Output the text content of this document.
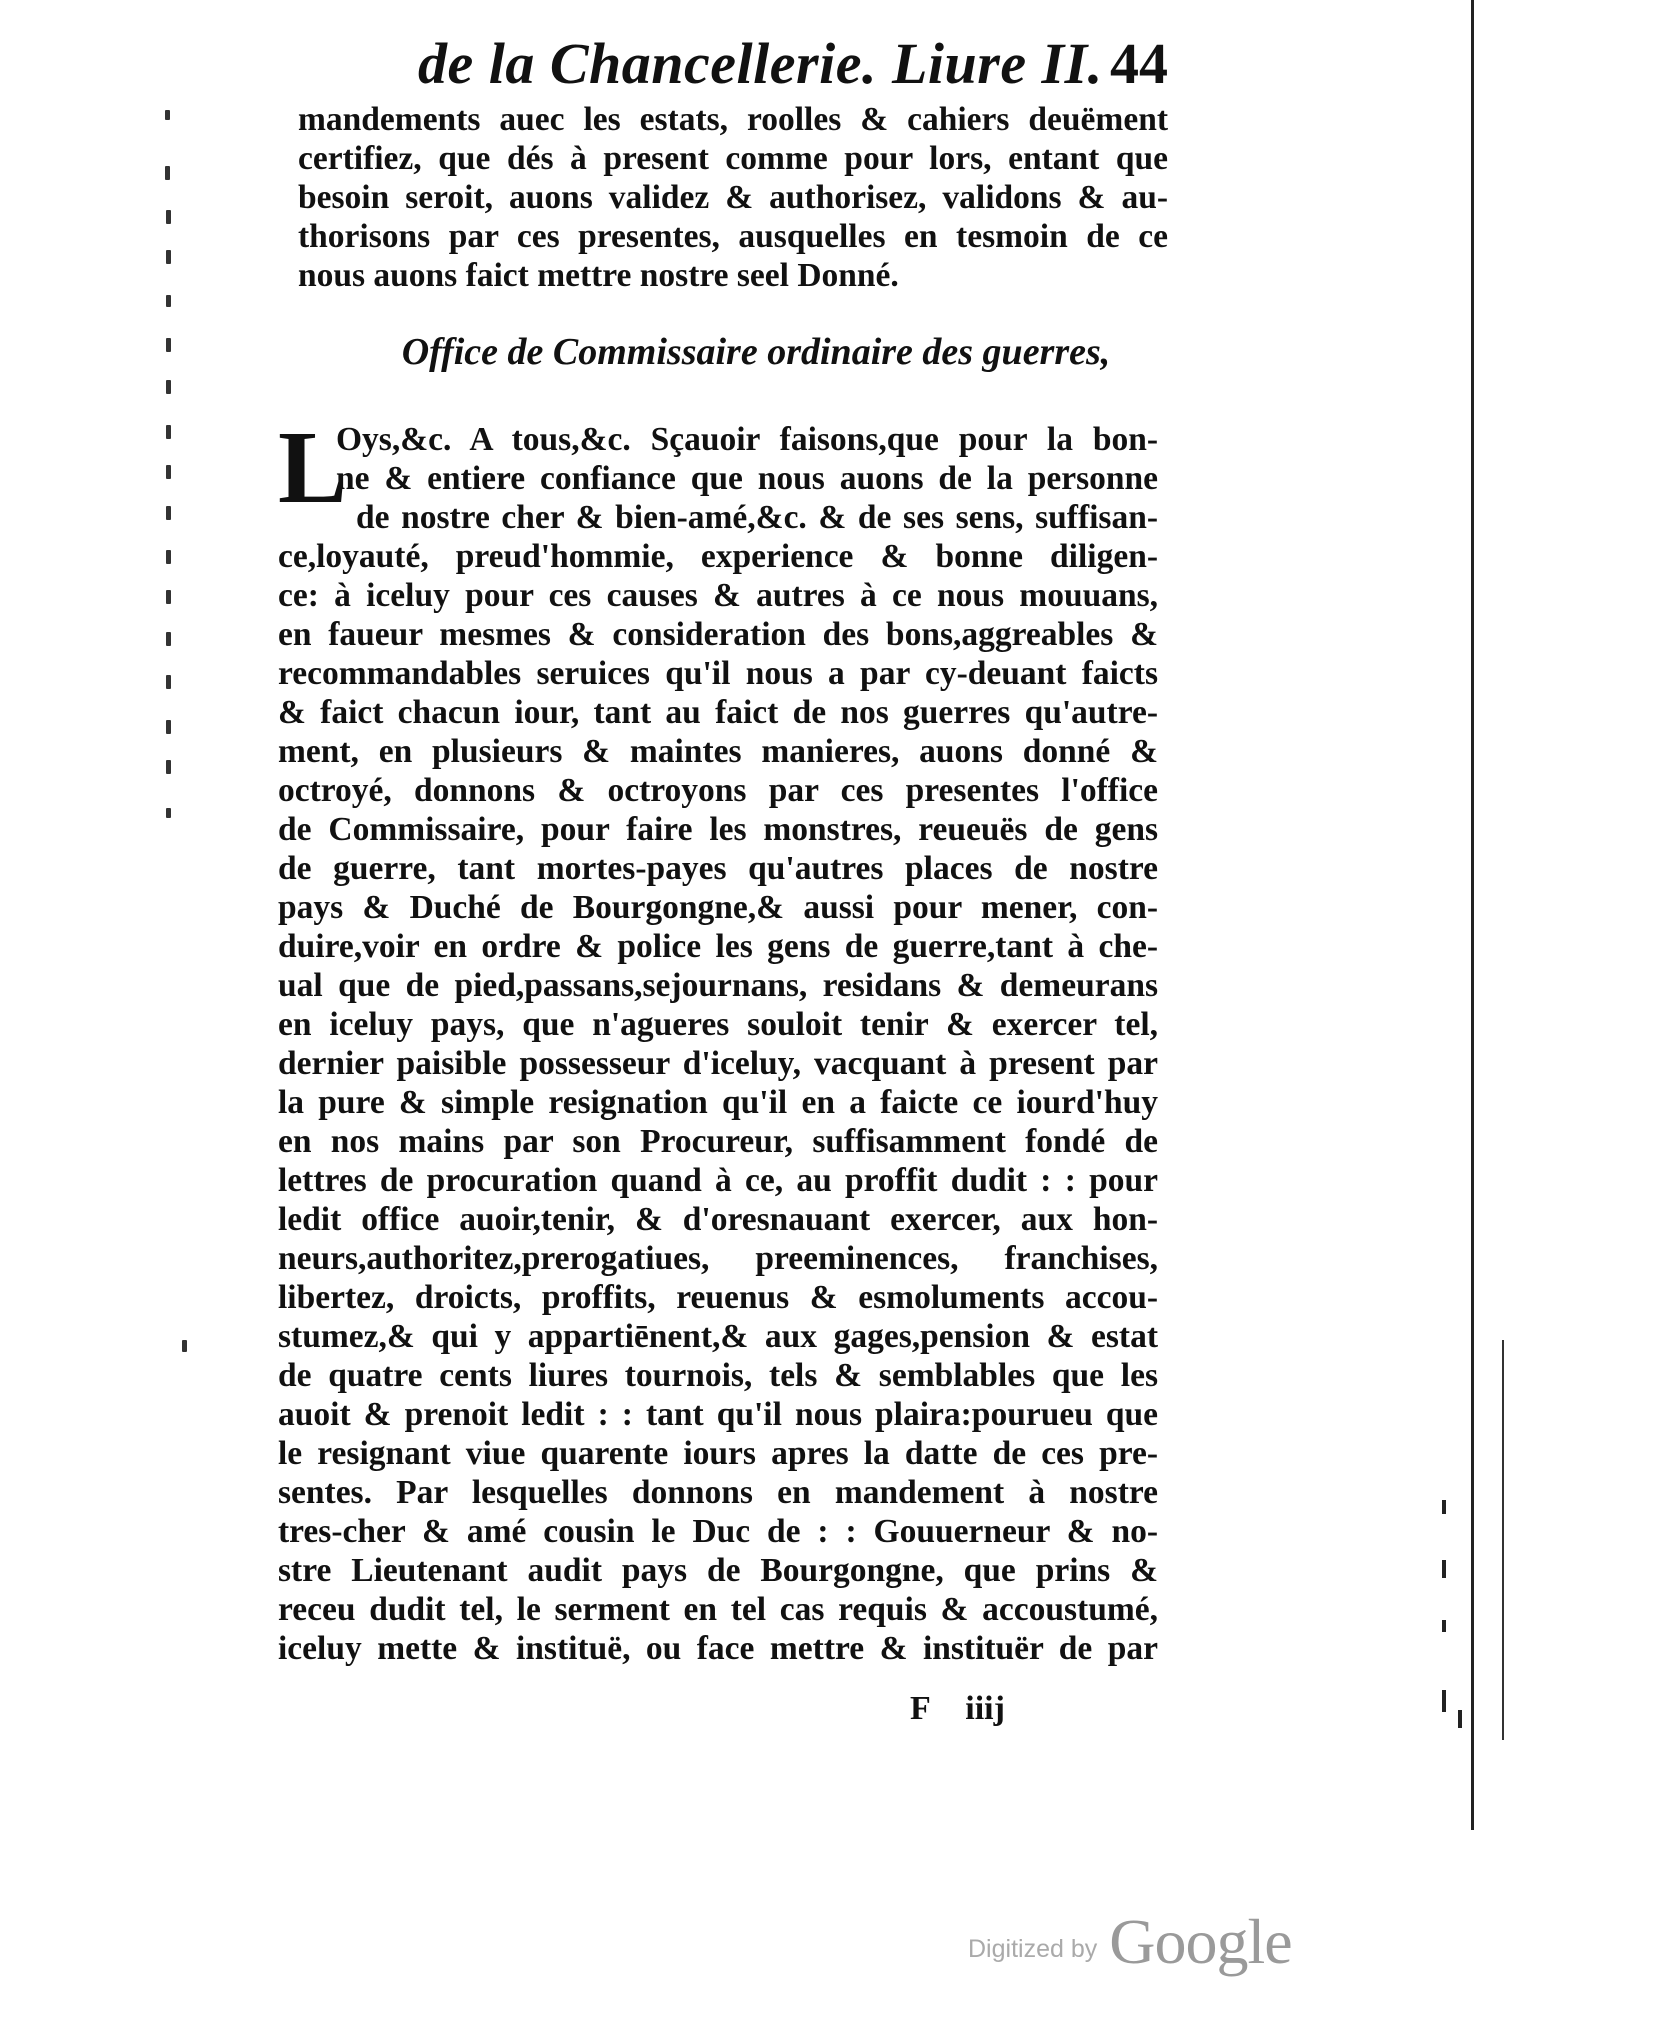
de la Chancellerie. Liure II. 44
mandements auec les estats, roolles & cahiers deuëment
certifiez, que dés à present comme pour lors, entant que
besoin seroit, auons validez & authorisez, validons & au-
thorisons par ces presentes, ausquelles en tesmoin de ce
nous auons faict mettre nostre seel Donné.
Office de Commissaire ordinaire des guerres,
L
Oys,&c. A tous,&c. Sçauoir faisons,que pour la bon-
ne & entiere confiance que nous auons de la personne
de nostre cher & bien-amé,&c. & de ses sens, suffisan-
ce,loyauté, preud'hommie, experience & bonne diligen-
ce: à iceluy pour ces causes & autres à ce nous mouuans,
en faueur mesmes & consideration des bons,aggreables &
recommandables seruices qu'il nous a par cy-deuant faicts
& faict chacun iour, tant au faict de nos guerres qu'autre-
ment, en plusieurs & maintes manieres, auons donné &
octroyé, donnons & octroyons par ces presentes l'office
de Commissaire, pour faire les monstres, reueuës de gens
de guerre, tant mortes-payes qu'autres places de nostre
pays & Duché de Bourgongne,& aussi pour mener, con-
duire,voir en ordre & police les gens de guerre,tant à che-
ual que de pied,passans,sejournans, residans & demeurans
en iceluy pays, que n'agueres souloit tenir & exercer tel,
dernier paisible possesseur d'iceluy, vacquant à present par
la pure & simple resignation qu'il en a faicte ce iourd'huy
en nos mains par son Procureur, suffisamment fondé de
lettres de procuration quand à ce, au proffit dudit : : pour
ledit office auoir,tenir, & d'oresnauant exercer, aux hon-
neurs,authoritez,prerogatiues, preeminences, franchises,
libertez, droicts, proffits, reuenus & esmoluments accou-
stumez,& qui y appartiēnent,& aux gages,pension & estat
de quatre cents liures tournois, tels & semblables que les
auoit & prenoit ledit : : tant qu'il nous plaira:pourueu que
le resignant viue quarente iours apres la datte de ces pre-
sentes. Par lesquelles donnons en mandement à nostre
tres-cher & amé cousin le Duc de : : Gouuerneur & no-
stre Lieutenant audit pays de Bourgongne, que prins &
receu dudit tel, le serment en tel cas requis & accoustumé,
iceluy mette & instituë, ou face mettre & instituër de par
F iiij
Digitized by Google
